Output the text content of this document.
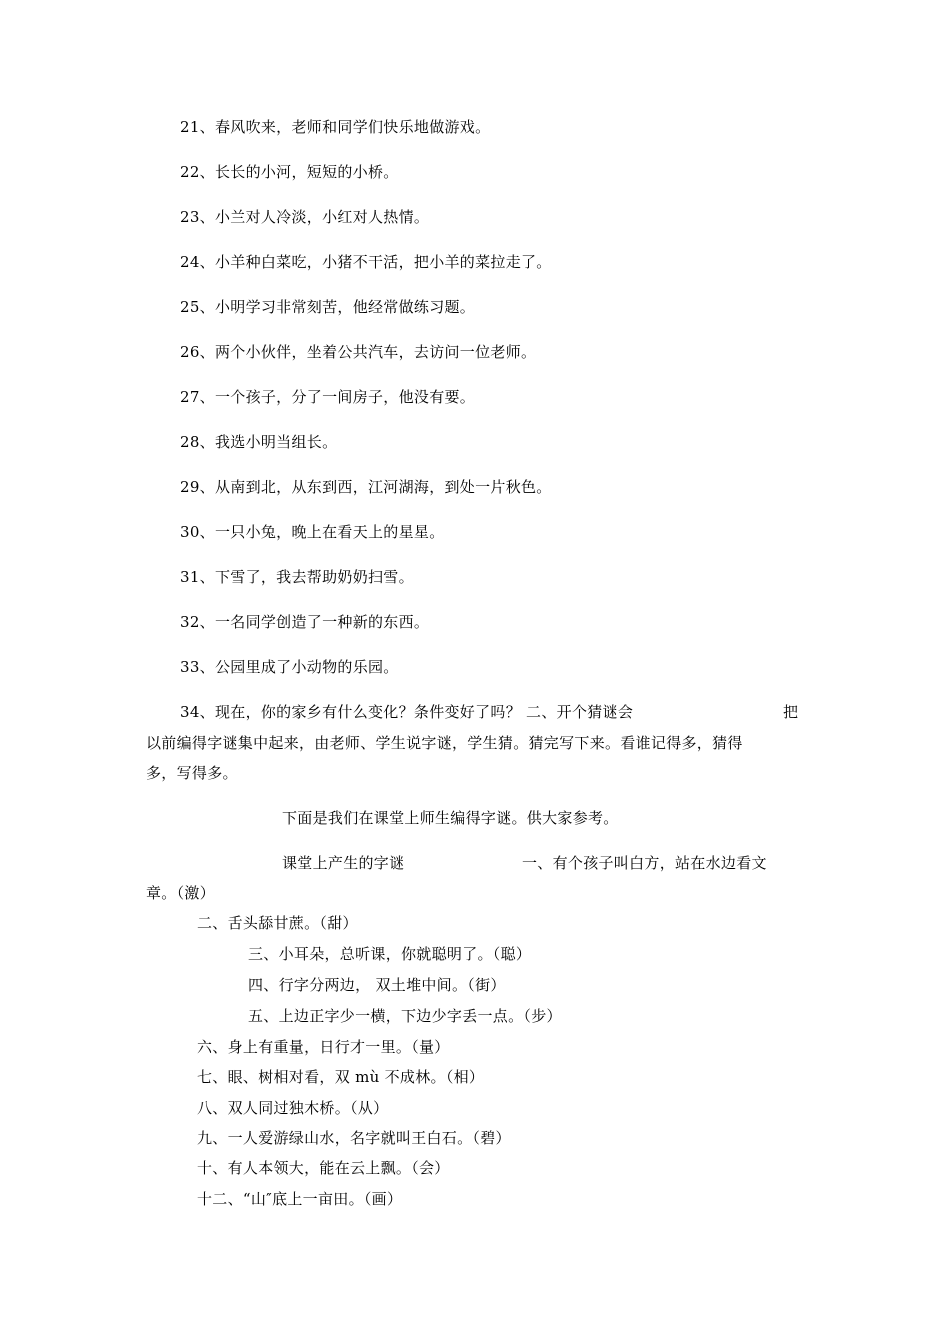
21、春风吹来，老师和同学们快乐地做游戏。
22、长长的小河，短短的小桥。
23、小兰对人冷淡，小红对人热情。
24、小羊种白菜吃，小猪不干活，把小羊的菜拉走了。
25、小明学习非常刻苦，他经常做练习题。
26、两个小伙伴，坐着公共汽车，去访问一位老师。
27、一个孩子，分了一间房子，他没有要。
28、我选小明当组长。
29、从南到北，从东到西，江河湖海，到处一片秋色。
30、一只小兔，晚上在看天上的星星。
31、下雪了，我去帮助奶奶扫雪。
32、一名同学创造了一种新的东西。
33、公园里成了小动物的乐园。
34、现在，你的家乡有什么变化？条件变好了吗？ 二、开个猜谜会	把
以前编得字谜集中起来，由老师、学生说字谜，学生猜。猜完写下来。看谁记得多，猜得
多，写得多。
下面是我们在课堂上师生编得字谜。供大家参考。
课堂上产生的字谜	一、有个孩子叫白方，站在水边看文
章。（激）
二、舌头舔甘蔗。（甜）
三、小耳朵，总听课，你就聪明了。（聪）
四、行字分两边， 双土堆中间。（街）
五、上边正字少一横，下边少字丢一点。（步）
六、身上有重量，日行才一里。（量）
七、眼、树相对看，双 mù 不成林。（相）
八、双人同过独木桥。（从）
九、一人爱游绿山水，名字就叫王白石。（碧）
十、有人本领大，能在云上飘。（会）
十二、“山″底上一亩田。（画）
